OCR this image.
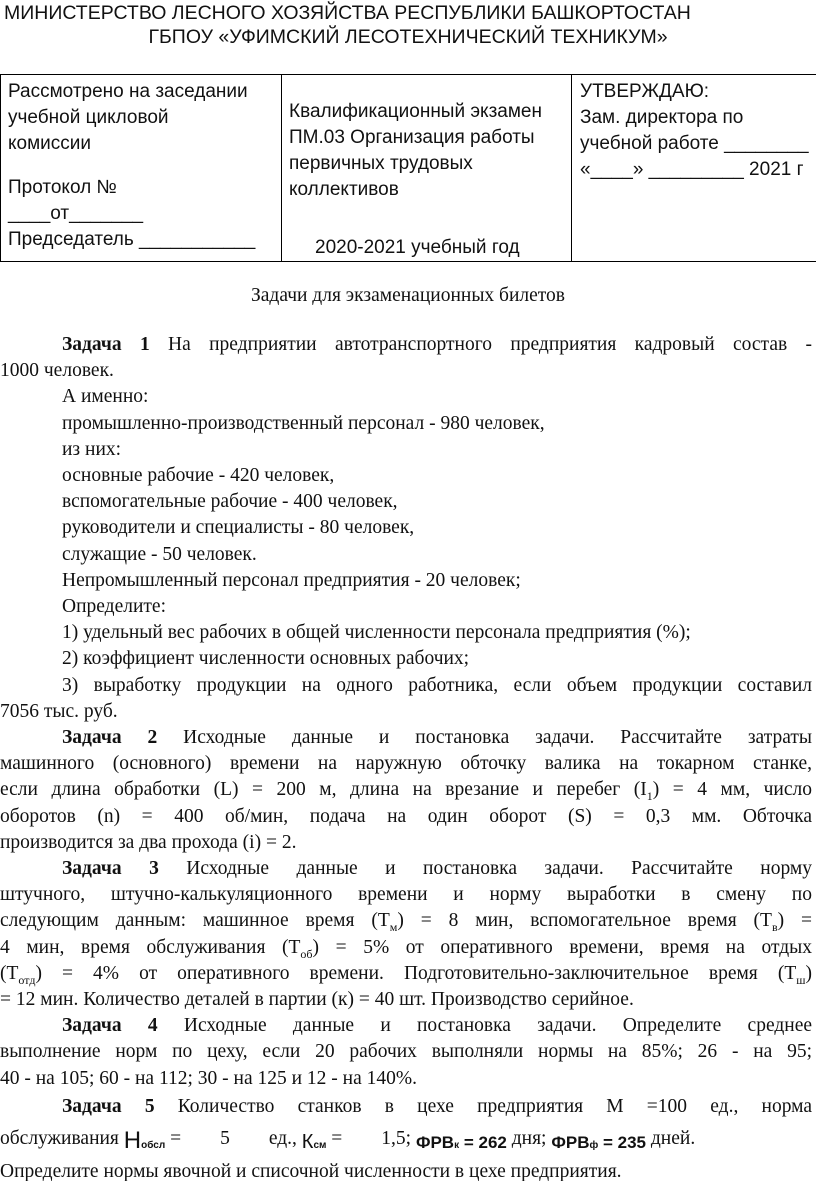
МИНИСТЕРСТВО ЛЕСНОГО ХОЗЯЙСТВА РЕСПУБЛИКИ БАШКОРТОСТАН
ГБПОУ «УФИМСКИЙ ЛЕСОТЕХНИЧЕСКИЙ ТЕХНИКУМ»

Рассмотрено на заседании

учебной цикловой

комиссии

Протокол №

____от_______

Председатель ___________

Квалификационный экзамен

ПМ.03 Организация работы

первичных трудовых

коллективов

2020-2021 учебный год

УТВЕРЖДАЮ:

Зам. директора по

учебной работе ________

«____» _________ 2021 г

Задачи для экзаменационных билетов

Задача 1 На предприятии автотранспортного предприятия кадровый состав -

1000 человек.

А именно:

промышленно-производственный персонал - 980 человек,

из них:

основные рабочие - 420 человек,

вспомогательные рабочие - 400 человек,

руководители и специалисты - 80 человек,

служащие - 50 человек.

Непромышленный персонал предприятия - 20 человек;

Определите:

1) удельный вес рабочих в общей численности персонала предприятия (%);

2) коэффициент численности основных рабочих;

3) выработку продукции на одного работника, если объем продукции составил

7056 тыс. руб.

Задача 2 Исходные данные и постановка задачи. Рассчитайте затраты

машинного (основного) времени на наружную обточку валика на токарном станке,

если длина обработки (L) = 200 м, длина на врезание и перебег $(I_1) = 4$ мм, число

оборотов (n) = 400 об/мин, подача на один оборот (S) = 0,3 мм. Обточка

производится за два прохода (i) = 2.

Задача 3 Исходные данные и постановка задачи. Рассчитайте норму

штучного, штучно-калькуляционного времени и норму выработки в смену по

следующим данным: машинное время $(Т_м) = 8$ мин, вспомогательное время $(Т_в)$ =

4 мин, время обслуживания $(Т_{об}) = 5\%$ от оперативного времени, время на отдых

$(Т_{отд}) = 4\%$ от оперативного времени. Подготовительно-заключительное время $(Т_ш)$

= 12 мин. Количество деталей в партии (к) = 40 шт. Производство серийное.

Задача 4 Исходные данные и постановка задачи. Определите среднее

выполнение норм по цеху, если 20 рабочих выполняли нормы на 85%; 26 - на 95;

40 - на 105; 60 - на 112; 30 - на 125 и 12 - на 140%.

Задача 5 Количество станков в цехе предприятия М =100 ед., норма

обслуживания Нобсл =        5        ед., Ксм =        1,5; ФРВк = 262 дня; ФРВф = 235 дней.

Определите нормы явочной и списочной численности в цехе предприятия.
